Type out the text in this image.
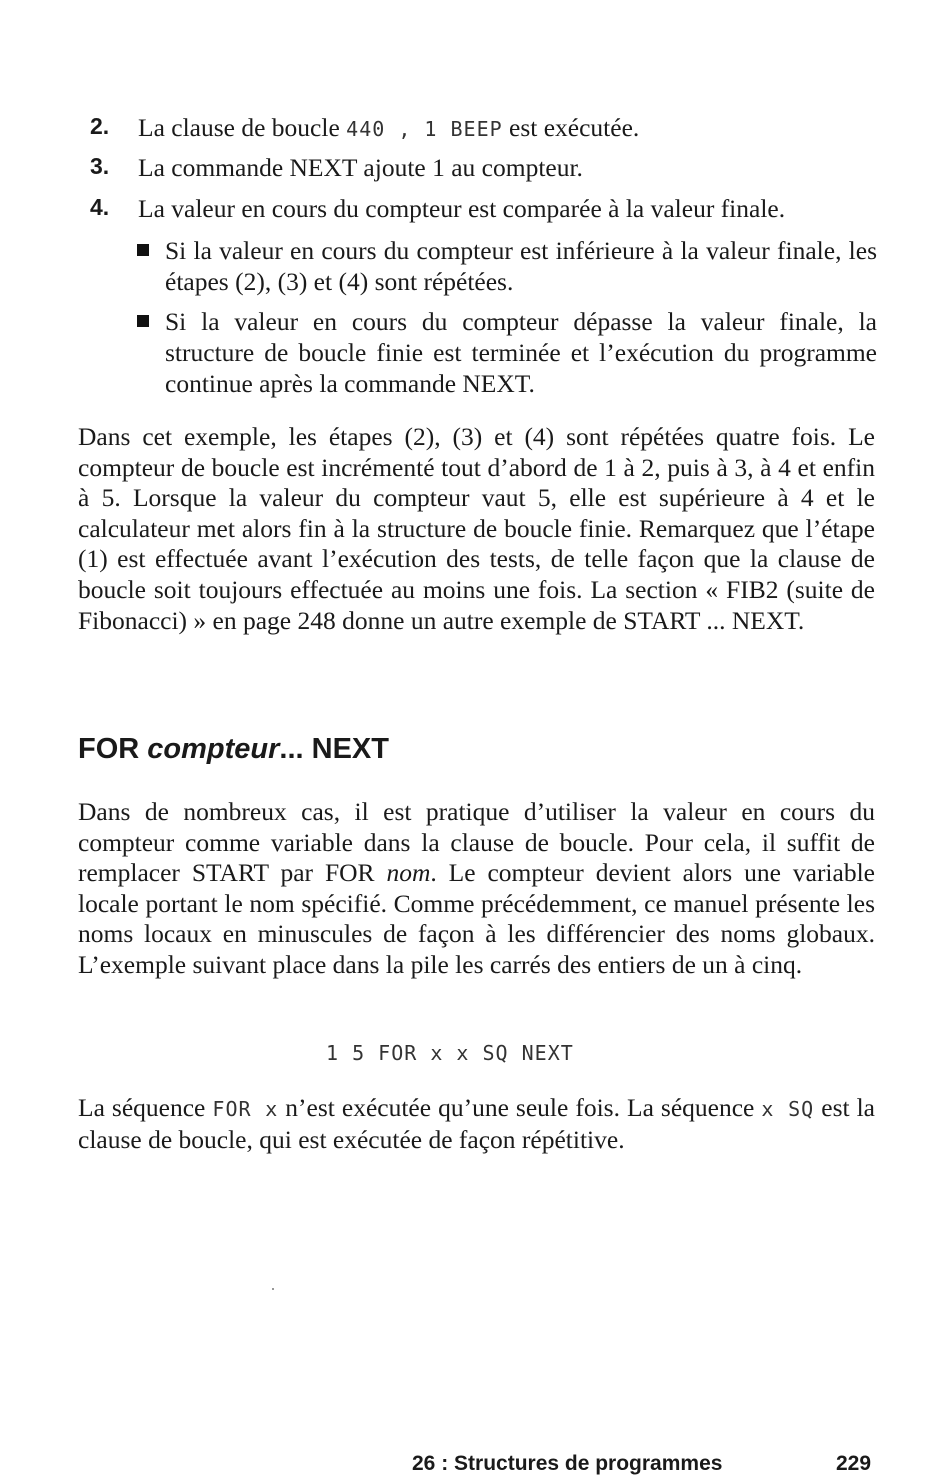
2. La clause de boucle 440 , 1 BEEP est exécutée.
3. La commande NEXT ajoute 1 au compteur.
4. La valeur en cours du compteur est comparée à la valeur finale.
Si la valeur en cours du compteur est inférieure à la valeur finale, les étapes (2), (3) et (4) sont répétées.
Si la valeur en cours du compteur dépasse la valeur finale, la structure de boucle finie est terminée et l’exécution du programme continue après la commande NEXT.
Dans cet exemple, les étapes (2), (3) et (4) sont répétées quatre fois. Le compteur de boucle est incrémenté tout d’abord de 1 à 2, puis à 3, à 4 et enfin à 5. Lorsque la valeur du compteur vaut 5, elle est supérieure à 4 et le calculateur met alors fin à la structure de boucle finie. Remarquez que l’étape (1) est effectuée avant l’exécution des tests, de telle façon que la clause de boucle soit toujours effectuée au moins une fois. La section « FIB2 (suite de Fibonacci) » en page 248 donne un autre exemple de START ... NEXT.
FOR compteur... NEXT
Dans de nombreux cas, il est pratique d’utiliser la valeur en cours du compteur comme variable dans la clause de boucle. Pour cela, il suffit de remplacer START par FOR nom. Le compteur devient alors une variable locale portant le nom spécifié. Comme précédemment, ce manuel présente les noms locaux en minuscules de façon à les différencier des noms globaux. L’exemple suivant place dans la pile les carrés des entiers de un à cinq.
1 5 FOR x x SQ NEXT
La séquence FOR x n’est exécutée qu’une seule fois. La séquence x SQ est la clause de boucle, qui est exécutée de façon répétitive.
26 : Structures de programmes	229
